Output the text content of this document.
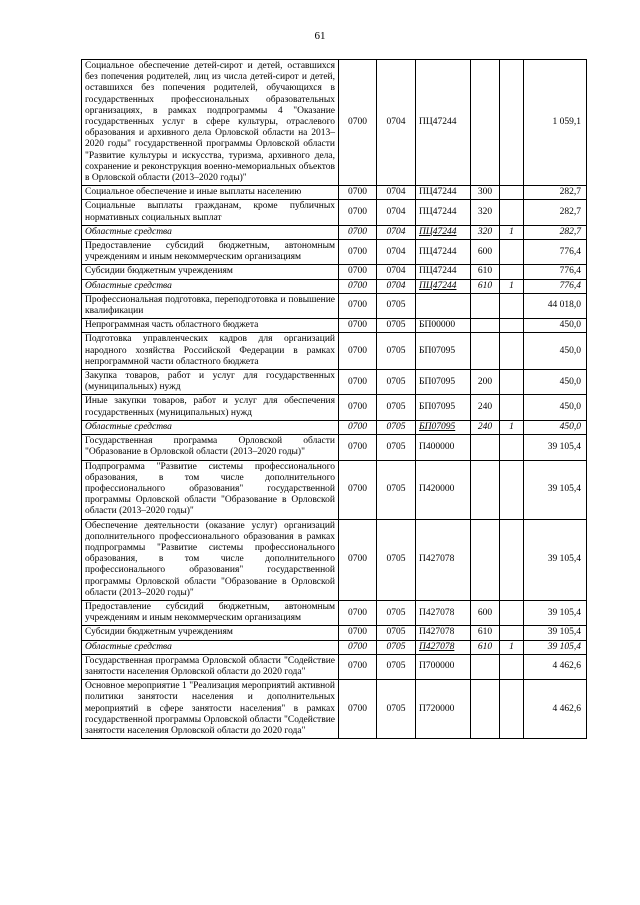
61
Социальное обеспечение детей-сирот и детей, оставшихся без попечения родителей, лиц из числа детей-сирот и детей, оставшихся без попечения родителей, обучающихся в государственных профессиональных образовательных организациях, в рамках подпрограммы 4 "Оказание государственных услуг в сфере культуры, отраслевого образования и архивного дела Орловской области на 2013–2020 годы" государственной программы Орловской области "Развитие культуры и искусства, туризма, архивного дела, сохранение и реконструкция военно-мемориальных объектов в Орловской области (2013–2020 годы)"	0700	0704	ПЦ47244			1 059,1
Социальное обеспечение и иные выплаты населению	0700	0704	ПЦ47244	300		282,7
Социальные выплаты гражданам, кроме публичных нормативных социальных выплат	0700	0704	ПЦ47244	320		282,7
Областные средства	0700	0704	ПЦ47244	320	1	282,7
Предоставление субсидий бюджетным, автономным учреждениям и иным некоммерческим организациям	0700	0704	ПЦ47244	600		776,4
Субсидии бюджетным учреждениям	0700	0704	ПЦ47244	610		776,4
Областные средства	0700	0704	ПЦ47244	610	1	776,4
Профессиональная подготовка, переподготовка и повышение квалификации	0700	0705				44 018,0
Непрограммная часть областного бюджета	0700	0705	БП00000			450,0
Подготовка управленческих кадров для организаций народного хозяйства Российской Федерации в рамках непрограммной части областного бюджета	0700	0705	БП07095			450,0
Закупка товаров, работ и услуг для государственных (муниципальных) нужд	0700	0705	БП07095	200		450,0
Иные закупки товаров, работ и услуг для обеспечения государственных (муниципальных) нужд	0700	0705	БП07095	240		450,0
Областные средства	0700	0705	БП07095	240	1	450,0
Государственная программа Орловской области "Образование в Орловской области (2013–2020 годы)"	0700	0705	П400000			39 105,4
Подпрограмма "Развитие системы профессионального образования, в том числе дополнительного профессионального образования" государственной программы Орловской области "Образование в Орловской области (2013–2020 годы)"	0700	0705	П420000			39 105,4
Обеспечение деятельности (оказание услуг) организаций дополнительного профессионального образования в рамках подпрограммы "Развитие системы профессионального образования, в том числе дополнительного профессионального образования" государственной программы Орловской области "Образование в Орловской области (2013–2020 годы)"	0700	0705	П427078			39 105,4
Предоставление субсидий бюджетным, автономным учреждениям и иным некоммерческим организациям	0700	0705	П427078	600		39 105,4
Субсидии бюджетным учреждениям	0700	0705	П427078	610		39 105,4
Областные средства	0700	0705	П427078	610	1	39 105,4
Государственная программа Орловской области "Содействие занятости населения Орловской области до 2020 года"	0700	0705	П700000			4 462,6
Основное мероприятие 1 "Реализация мероприятий активной политики занятости населения и дополнительных мероприятий в сфере занятости населения" в рамках государственной программы Орловской области "Содействие занятости населения Орловской области до 2020 года"	0700	0705	П720000			4 462,6
